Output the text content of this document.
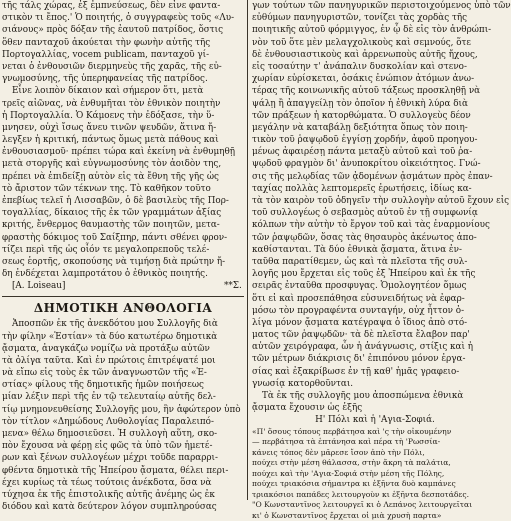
τῆς τάλς χώρας, ἐξ ἐμπνεύσεως, δὲν εἶνε φαντα-
στικὸν τι ἔπος.' Ὁ ποιητής, ὁ συγγραφεὺς τοῦς «Λυ-
σιάνους» πρὸς δόξαν τῆς ἐαυτοῦ πατρίδος, ὅστις
ὅθεν πανταχοῦ ἀκούεται τὴν φωνὴν αὐτῆς τῆς
Πορτογαλλίας, vocem publicam, πανταχοῦ γί-
νεται ὁ ἐνθουσιῶν διερμηνεὺς τῆς χαρᾶς, τῆς εὐ-
γνωμοσύνης, τῆς ὑπερηφανείας τῆς πατρίδος.
Εἶνε λοιπὸν δίκαιον καὶ σήμερον ὅτι, μετὰ
τρεῖς αἰῶνας, νὰ ἐνθυμῆται τὸν ἐθνικὸν ποιητὴν
ἡ Πορτογαλλία. Ὁ Κάμοενς τὴν ἐδόξασε, τὴν ὕ-
μνησεν, οὐχὶ ἴσως ἄνευ τινῶν ψευδῶν, ἅτινα ἤ-
λεγξεν ἡ κριτική, πάντως ὅμως μετὰ πάθους καὶ
ἐνθουσιασμοῦ· πρέπει τώρα καὶ ἐκείνη νὰ ἐνθυμηθῇ
μετὰ στοργῆς καὶ εὐγνωμοσύνης τὸν ἀοιδὸν της,
πρέπει νὰ ἐπιδείξῃ αὐτὸν εἰς τὰ ἔθνη τῆς γῆς ὡς
τὸ ἄριστον τῶν τέκνων της. Τὸ καθῆκον τοῦτο
ἐπεβίως τελεῖ ἡ Λισσαβῶν, ὁ δὲ βασιλεὺς τῆς Πορ-
τογαλλίας, δίκαιος τῆς ἐκ τῶν γραμμάτων ἀξίας
κριτής, ἔνθερμος θαυμαστὴς τῶν ποιητῶν, μετα-
φραστὴς δόκιμος τοῦ Σαίξπηρ, πάντι σθένει φρον-
τίζει περὶ τῆς ὡς οἷόν τε μεγαλοπρεποῦς τελέ-
σεως ἑορτῆς, σκοπούσης νὰ τιμήσῃ διὰ πρώτην ἤ-
δη ἐνδέχεται λαμπροτάτου ὁ ἐθνικὸς ποιητής.
[A. Loiseau]	**Σ.
ΔΗΜΟΤΙΚΗ ΑΝΘΟΛΟΓΙΑ
Ἀποσπῶν ἐκ τῆς ἀνεκδότου μου Συλλογῆς διὰ
τὴν φίλην «Ἑστίαν» τὰ δύο κατωτέρω δημοτικὰ
ᾄσματα, ἀναγκάζω νομίζω νὰ προτάξω αὐτῶν
τὰ ὀλίγα ταῦτα. Καὶ ἐν πρώτοις ἐπιτρέψατέ μοι
νὰ εἴπω εἰς τοὺς ἐκ τῶν ἀναγνωστῶν τῆς «Ἑ-
στίας» φίλους τῆς δημοτικῆς ἡμῶν ποιήσεως
μίαν λέξιν περὶ τῆς ἐν τῷ τελευταίῳ αὐτῆς δελ-
τίῳ μνημονευθείσης Συλλογῆς μου, ἣν ἀφώτερον ὑπὸ
τὸν τίτλον «Δημώδους Λυθολογίας Παραλειπό-
μενα» θέλω δημοσιεῦσει. Ἡ συλλογὴ αὕτη, σκο-
πὸν ἔχουσα νὰ φέρῃ εἰς φῶς τὰ ὑπὸ τῶν ἡμετέ-
ρων καὶ ξένων συλλογέων μέχρι τοῦδε παραρρι-
φθέντα δημοτικὰ τῆς Ἠπείρου ᾄσματα, θέλει περι-
έχει κυρίως τὰ τέως τούτοις ἀνέκδοτα, ὅσα νὰ
τύχησα ἐκ τῆς ἐπιστολικῆς αὐτῆς ἀνέμης ὡς ἐκ
διόδου καὶ κατὰ δεύτερον λόγον συμπληρούσας
γων τούτων τῶν πανηγυρικῶν περιστοιχούμενος ὑπὸ τῶν
εὐθύμων πανηγυριστῶν, τονίζει τὰς χορδὰς τῆς
ποιητικῆς αὐτοῦ φόρμιγγος, ἐν ᾧ δὲ εἰς τὸν ἀνθρώπι-
νὸν τοῦ ὅτε μὲν μελαγχολικοὺς καὶ σεμνούς, ὅτε
δὲ ἐνθουσιαστικοὺς καὶ ἀρρενωποὺς αὐτῆς ἤχους,
εἰς τοσαύτην τ' ἀνάπαλιν δυσκολίαν καὶ στενο-
χωρίαν εὑρίσκεται, ὁσάκις ἐνώπιον ἀτόμων ἀνω-
τέρας τῆς κοινωνικῆς αὐτοῦ τάξεως προσκληθῇ νὰ
ψάλῃ ἢ ἀπαγγείλῃ τὸν ὁποῖον ἡ ἐθνικὴ λύρα διὰ
τῶν πράξεων ἡ κατορθώματα. Ὁ συλλογεὺς δέον
μεγάλην νὰ καταβάλῃ δεξιότητα ὅπως τὸν ποιη-
τικὸν τοῦ ῥαψῳδοῦ ἐγγίσῃ χορδήν, ἀφοῦ προηγου-
μένως ἀφαιρέσῃ πάντα μεταξὺ αὐτοῦ καὶ τοῦ ῥα-
ψῳδοῦ φραγμὸν δι' ἀνυποκρίτου οἰκειότητος. Γνώ-
σις τῆς μελῳδίας τῶν ᾀδομένων ᾀσμάτων πρὸς ἐπαν-
ταχίας πολλὰς λεπτομερεῖς ἐρωτήσεις, ἰδίως κα-
τὰ τὸν καιρὸν τοῦ ὁδηγεῖν τὴν συλλογὴν αὐτοῦ ἔχουν εἰς
τοῦ συλλογέως ὁ σεβασμὸς αὐτοῦ ἐν τῇ συμφωνίᾳ
κόλπων τὴν αὐτὴν τὸ ἔργον τοῦ καὶ τὰς ἐναρμονίους
τῶν ῥαψῳδῶν, ὅσας τὰς θησαυρὸς ἀκένωτος ἀπο-
καθίστανται. Τὰ δύο ἐθνικὰ ᾄσματα, ἅτινα ἐν-
ταῦθα παρατίθεμεν, ὡς καὶ τὰ πλεῖστα τῆς συλ-
λογῆς μου ἔρχεται εἰς τοῦς ἐξ Ἠπείρου καὶ ἐκ τῆς
σειρᾶς ἐνταῦθα προσφυγας. Ὁμολογητέον ὅμως
ὅτι εἰ καὶ προσεπάθησα εὐσυνειδήτως νὰ ἐφαρ-
μόσω τὸν προγραφέντα συνταγήν, οὐχ ἧττον ὀ-
λίγα μόνον ᾄσματα κατέγραψα ὁ ἴδιος ἀπὸ στό-
ματος τῶν ῥαψῳδῶν· τὰ δὲ πλεῖστα ἔλαβον παρ'
αὐτῶν χειρόγραφα, ὧν ἡ ἀνάγνωσις, στίξις καὶ ἡ
τῶν μέτρων διάκρισις δι' ἐπιπόνου μόνον ἐργα-
σίας καὶ ἐξακρίβωσε ἐν τῇ καθ' ἡμᾶς γραφειο-
γνωσίᾳ κατορθοῦνται.
Τὰ ἐκ τῆς συλλογῆς μου ἀποσπώμενα ἐθνικὰ
ᾄσματα ἔχουσιν ὡς ἑξῆς
Η' Πόλι καὶ ἡ 'Αγια-Σοφιά.
«Π' ὅσους τόπους περβάτησα καὶ 'ς τὴν οἰκουμένην
— περβάτησα τὰ ἑπτάνησα καὶ πέρα τὴ 'Ρωσσία-
κάνεις τόπος δὲν μᾶρεσε ἴσον ἀπὸ τὴν Πόλι,
πούχει στὴν μέση θάλασσα, στὴν ἄκρη τὰ παλάτια,
πούχει καὶ τὴν 'Αγια-Σοφιά στὴν μέση τῆς Πόλης,
πούχει τριακόσια σήμαντρα κι ἑξῆντα δυὸ καμπάνες
τριακόσιοι παπάδες λειτουργοὺν κι ἑξῆντα δεσποτάδες.
"Ο Κωνσταντῖνος λειτουργεῖ κι ὁ Λεπάνος λειτουργεῖται
κι' ὁ Κωνσταντῖνος ἔρχεται οἱ μιὰ χρυσὴ παρτα»
